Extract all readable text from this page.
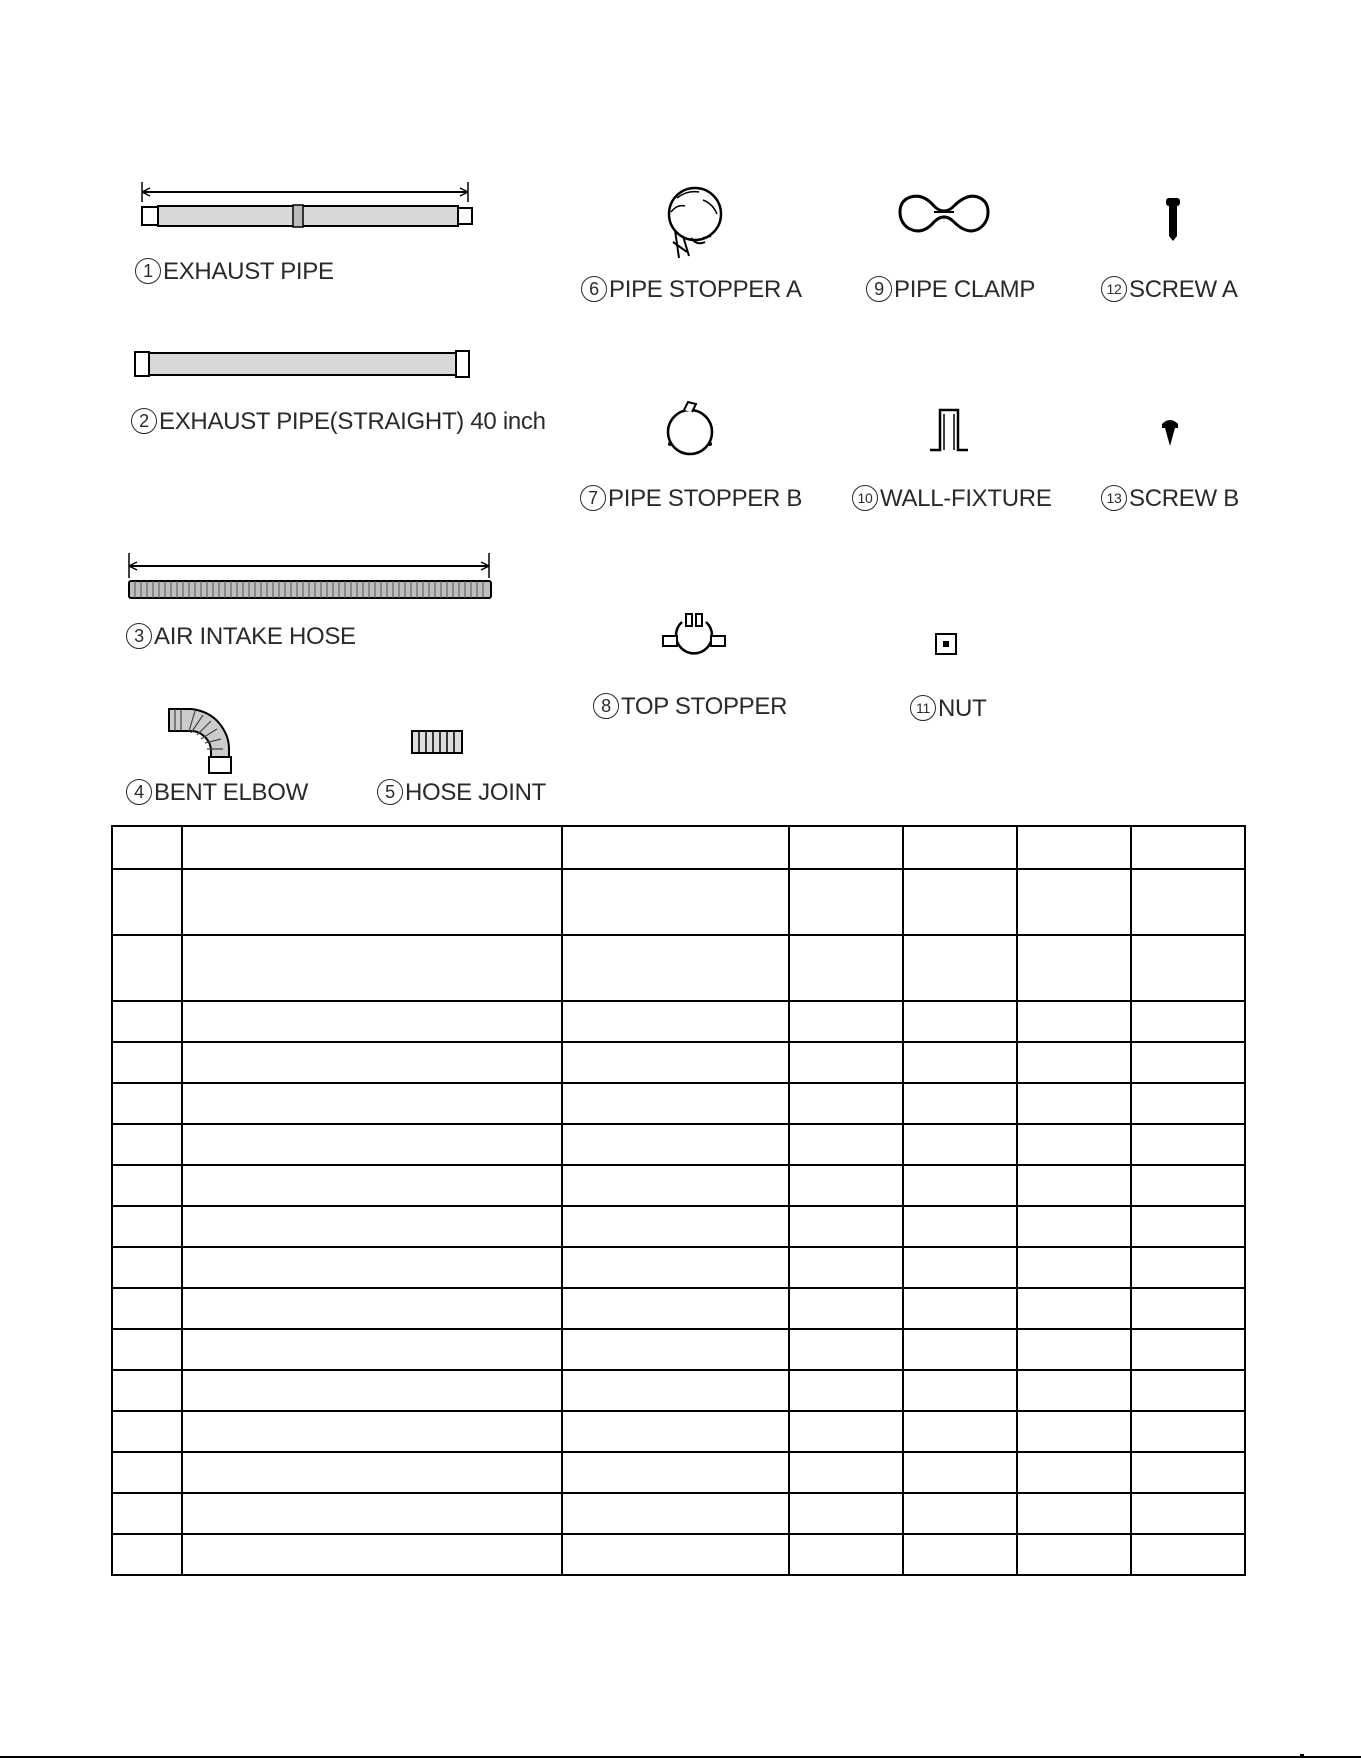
1 EXHAUST PIPE
2 EXHAUST PIPE(STRAIGHT) 40 inch
3 AIR INTAKE HOSE
4 BENT ELBOW	5 HOSE JOINT
6 PIPE STOPPER A
7 PIPE STOPPER B
8 TOP STOPPER
9 PIPE CLAMP
10 WALL-FIXTURE
11 NUT
12 SCREW A
13 SCREW B
